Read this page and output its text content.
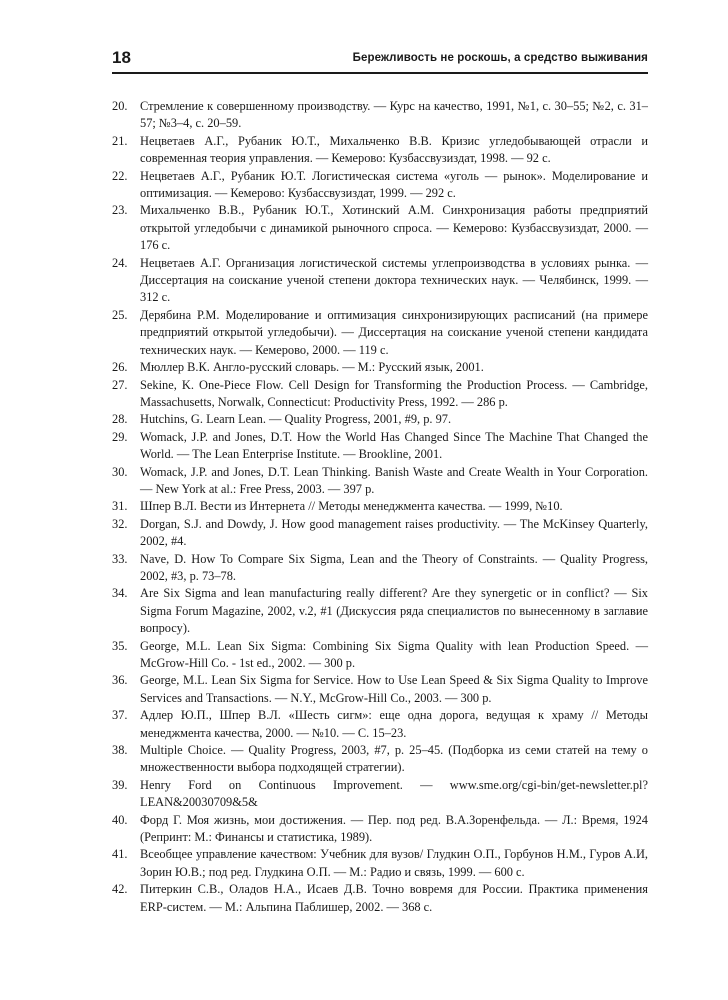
18	Бережливость не роскошь, а средство выживания
20. Стремление к совершенному производству. — Курс на качество, 1991, №1, с. 30–55; №2, с. 31–57; №3–4, с. 20–59.
21. Нецветаев А.Г., Рубаник Ю.Т., Михальченко В.В. Кризис угледобывающей отрасли и современная теория управления. — Кемерово: Кузбассвузиздат, 1998. — 92 с.
22. Нецветаев А.Г., Рубаник Ю.Т. Логистическая система «уголь — рынок». Моделирование и оптимизация. — Кемерово: Кузбассвузиздат, 1999. — 292 с.
23. Михальченко В.В., Рубаник Ю.Т., Хотинский А.М. Синхронизация работы предприятий открытой угледобычи с динамикой рыночного спроса. — Кемерово: Кузбассвузиздат, 2000. — 176 с.
24. Нецветаев А.Г. Организация логистической системы углепроизводства в условиях рынка. — Диссертация на соискание ученой степени доктора технических наук. — Челябинск, 1999. — 312 с.
25. Дерябина Р.М. Моделирование и оптимизация синхронизирующих расписаний (на примере предприятий открытой угледобычи). — Диссертация на соискание ученой степени кандидата технических наук. — Кемерово, 2000. — 119 с.
26. Мюллер В.К. Англо-русский словарь. — М.: Русский язык, 2001.
27. Sekine, K. One-Piece Flow. Cell Design for Transforming the Production Process. — Cambridge, Massachusetts, Norwalk, Connecticut: Productivity Press, 1992. — 286 p.
28. Hutchins, G. Learn Lean. — Quality Progress, 2001, #9, p. 97.
29. Womack, J.P. and Jones, D.T. How the World Has Changed Since The Machine That Changed the World. — The Lean Enterprise Institute. — Brookline, 2001.
30. Womack, J.P. and Jones, D.T. Lean Thinking. Banish Waste and Create Wealth in Your Corporation. — New York at al.: Free Press, 2003. — 397 p.
31. Шпер В.Л. Вести из Интернета // Методы менеджмента качества. — 1999, №10.
32. Dorgan, S.J. and Dowdy, J. How good management raises productivity. — The McKinsey Quarterly, 2002, #4.
33. Nave, D. How To Compare Six Sigma, Lean and the Theory of Constraints. — Quality Progress, 2002, #3, p. 73–78.
34. Are Six Sigma and lean manufacturing really different? Are they synergetic or in conflict? — Six Sigma Forum Magazine, 2002, v.2, #1 (Дискуссия ряда специалистов по вынесенному в заглавие вопросу).
35. George, M.L. Lean Six Sigma: Combining Six Sigma Quality with lean Production Speed. — McGrow-Hill Co. - 1st ed., 2002. — 300 p.
36. George, M.L. Lean Six Sigma for Service. How to Use Lean Speed & Six Sigma Quality to Improve Services and Transactions. — N.Y., McGrow-Hill Co., 2003. — 300 p.
37. Адлер Ю.П., Шпер В.Л. «Шесть сигм»: еще одна дорога, ведущая к храму // Методы менеджмента качества, 2000. — №10. — С. 15–23.
38. Multiple Choice. — Quality Progress, 2003, #7, p. 25–45. (Подборка из семи статей на тему о множественности выбора подходящей стратегии).
39. Henry Ford on Continuous Improvement. — www.sme.org/cgi-bin/get-newsletter.pl?LEAN&20030709&5&
40. Форд Г. Моя жизнь, мои достижения. — Пер. под ред. В.А.Зоренфельда. — Л.: Время, 1924 (Репринт: М.: Финансы и статистика, 1989).
41. Всеобщее управление качеством: Учебник для вузов/ Глудкин О.П., Горбунов Н.М., Гуров А.И, Зорин Ю.В.; под ред. Глудкина О.П. — М.: Радио и связь, 1999. — 600 с.
42. Питеркин С.В., Оладов Н.А., Исаев Д.В. Точно вовремя для России. Практика применения ERP-систем. — М.: Альпина Паблишер, 2002. — 368 с.
